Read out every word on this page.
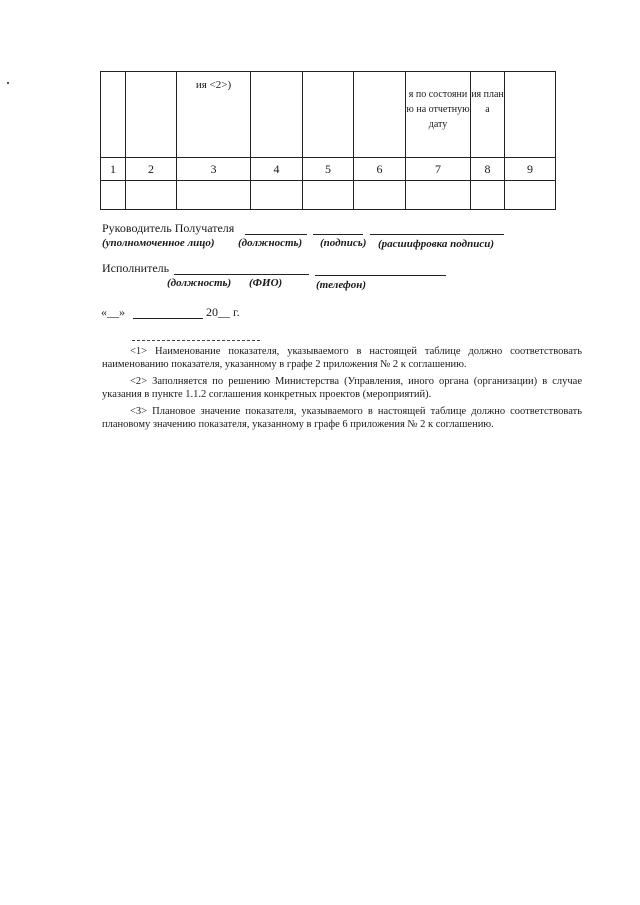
		ия <2>)				я по состояни ю на отчетную дату	ия план а	

1	2	3	4	5	6	7	8	9

Руководитель Получателя
(уполномоченное лицо) (должность) (подпись) (расшифровка подписи)
Исполнитель
(должность) (ФИО)	(телефон)
«__»	20__ г.

<1> Наименование показателя, указываемого в настоящей таблице должно соответствовать наименованию показателя, указанному в графе 2 приложения № 2 к соглашению.

<2> Заполняется по решению Министерства (Управления, иного органа (организации) в случае указания в пункте 1.1.2 соглашения конкретных проектов (мероприятий).

<3> Плановое значение показателя, указываемого в настоящей таблице должно соответствовать плановому значению показателя, указанному в графе 6 приложения № 2 к соглашению.
